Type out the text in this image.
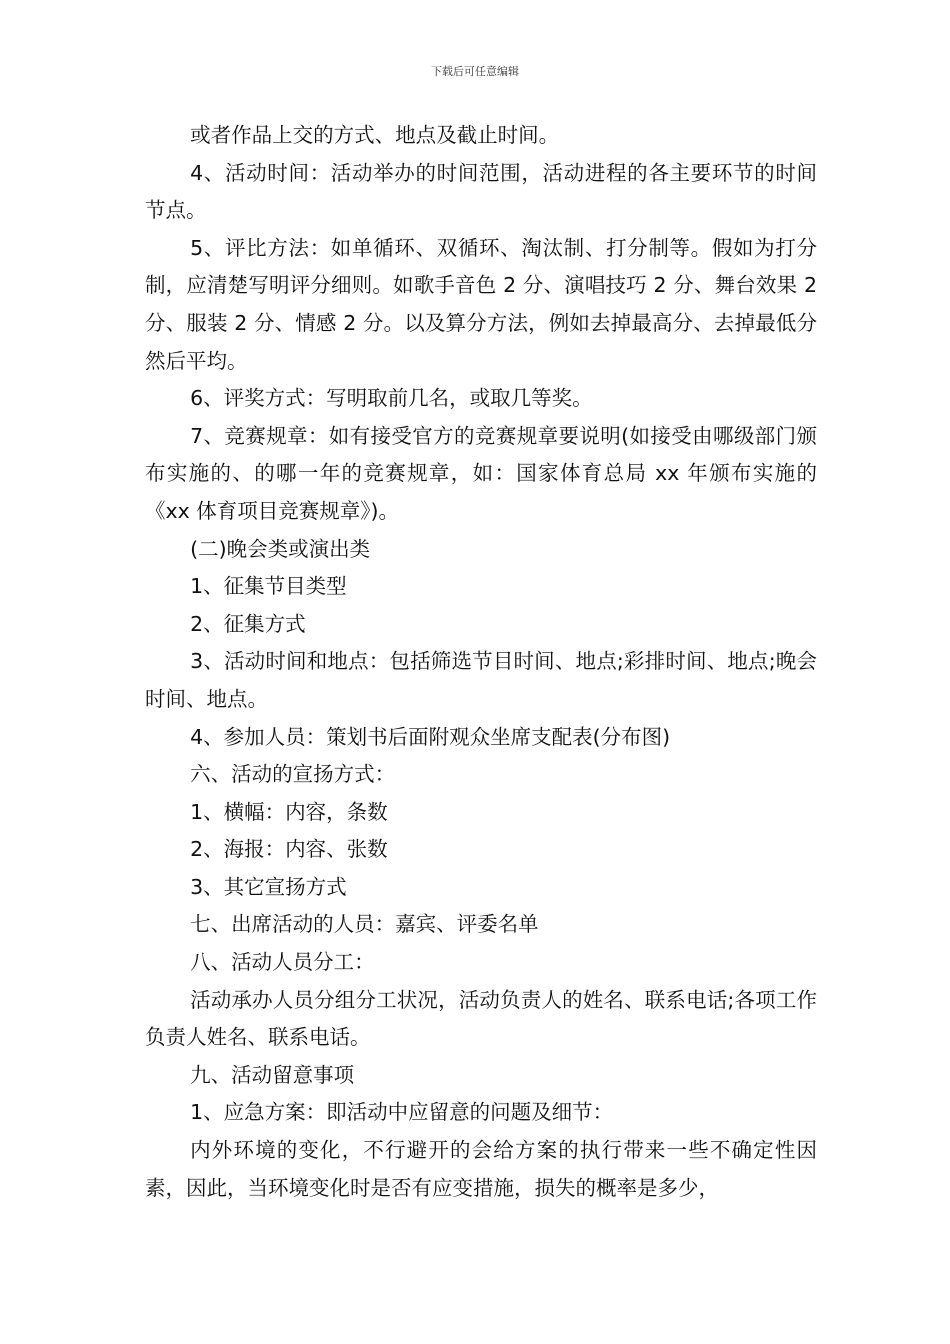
下载后可任意编辑

或者作品上交的方式、地点及截止时间。

4、活动时间：活动举办的时间范围，活动进程的各主要环节的时间节点。

5、评比方法：如单循环、双循环、淘汰制、打分制等。假如为打分制，应清楚写明评分细则。如歌手音色 2 分、演唱技巧 2 分、舞台效果 2 分、服装 2 分、情感 2 分。以及算分方法，例如去掉最高分、去掉最低分然后平均。

6、评奖方式：写明取前几名，或取几等奖。

7、竞赛规章：如有接受官方的竞赛规章要说明(如接受由哪级部门颁布实施的、的哪一年的竞赛规章，如：国家体育总局 xx 年颁布实施的《xx 体育项目竞赛规章》)。

(二)晚会类或演出类

1、征集节目类型

2、征集方式

3、活动时间和地点：包括筛选节目时间、地点;彩排时间、地点;晚会时间、地点。

4、参加人员：策划书后面附观众坐席支配表(分布图)

六、活动的宣扬方式：

1、横幅：内容，条数

2、海报：内容、张数

3、其它宣扬方式

七、出席活动的人员：嘉宾、评委名单

八、活动人员分工：

活动承办人员分组分工状况，活动负责人的姓名、联系电话;各项工作负责人姓名、联系电话。

九、活动留意事项

1、应急方案：即活动中应留意的问题及细节：

内外环境的变化，不行避开的会给方案的执行带来一些不确定性因素，因此，当环境变化时是否有应变措施，损失的概率是多少，
